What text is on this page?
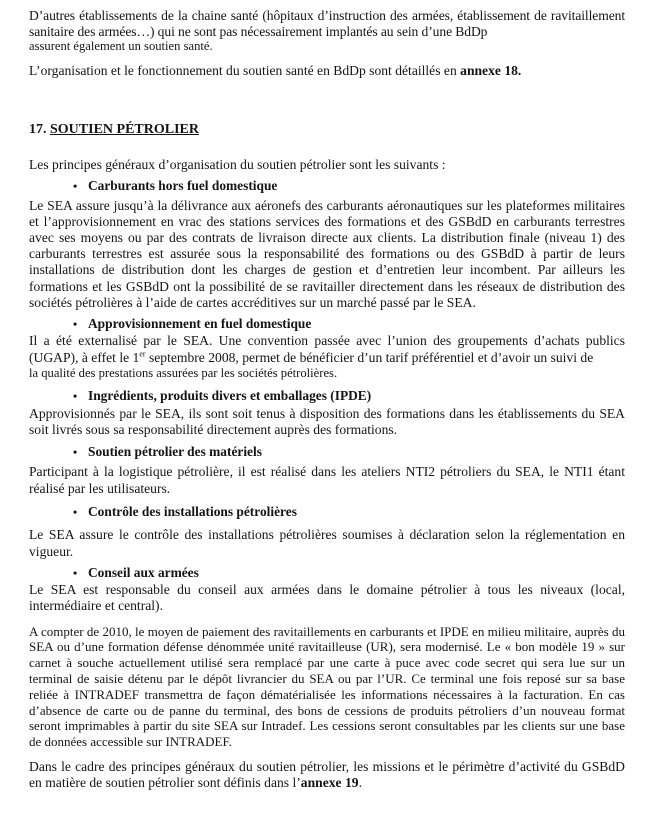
D’autres établissements de la chaine santé (hôpitaux d’instruction des armées, établissement de ravitaillement sanitaire des armées…) qui ne sont pas nécessairement implantés au sein d’une BdDp

assurent également un soutien santé.

L’organisation et le fonctionnement du soutien santé en BdDp sont détaillés en annexe 18.

17. SOUTIEN PÉTROLIER

Les principes généraux d’organisation du soutien pétrolier sont les suivants :

• Carburants hors fuel domestique

Le SEA assure jusqu’à la délivrance aux aéronefs des carburants aéronautiques sur les plateformes militaires et l’approvisionnement en vrac des stations services des formations et des GSBdD en carburants terrestres avec ses moyens ou par des contrats de livraison directe aux clients. La distribution finale (niveau 1) des carburants terrestres est assurée sous la responsabilité des formations ou des GSBdD à partir de leurs installations de distribution dont les charges de gestion et d’entretien leur incombent. Par ailleurs les formations et les GSBdD ont la possibilité de se ravitailler directement dans les réseaux de distribution des sociétés pétrolières à l’aide de cartes accréditives sur un marché passé par le SEA.

• Approvisionnement en fuel domestique

Il a été externalisé par le SEA. Une convention passée avec l’union des groupements d’achats publics (UGAP), à effet le 1er septembre 2008, permet de bénéficier d’un tarif préférentiel et d’avoir un suivi de

la qualité des prestations assurées par les sociétés pétrolières.

• Ingrédients, produits divers et emballages (IPDE)

Approvisionnés par le SEA, ils sont soit tenus à disposition des formations dans les établissements du SEA soit livrés sous sa responsabilité directement auprès des formations.

• Soutien pétrolier des matériels

Participant à la logistique pétrolière, il est réalisé dans les ateliers NTI2 pétroliers du SEA, le NTI1 étant réalisé par les utilisateurs.

• Contrôle des installations pétrolières

Le SEA assure le contrôle des installations pétrolières soumises à déclaration selon la réglementation en vigueur.

• Conseil aux armées

Le SEA est responsable du conseil aux armées dans le domaine pétrolier à tous les niveaux (local, intermédiaire et central).

A compter de 2010, le moyen de paiement des ravitaillements en carburants et IPDE en milieu militaire, auprès du SEA ou d’une formation défense dénommée unité ravitailleuse (UR), sera modernisé. Le « bon modèle 19 » sur carnet à souche actuellement utilisé sera remplacé par une carte à puce avec code secret qui sera lue sur un terminal de saisie détenu par le dépôt livrancier du SEA ou par l’UR. Ce terminal une fois reposé sur sa base reliée à INTRADEF transmettra de façon dématérialisée les informations nécessaires à la facturation. En cas d’absence de carte ou de panne du terminal, des bons de cessions de produits pétroliers d’un nouveau format seront imprimables à partir du site SEA sur Intradef. Les cessions seront consultables par les clients sur une base de données accessible sur INTRADEF.

Dans le cadre des principes généraux du soutien pétrolier, les missions et le périmètre d’activité du GSBdD en matière de soutien pétrolier sont définis dans l’annexe 19.
